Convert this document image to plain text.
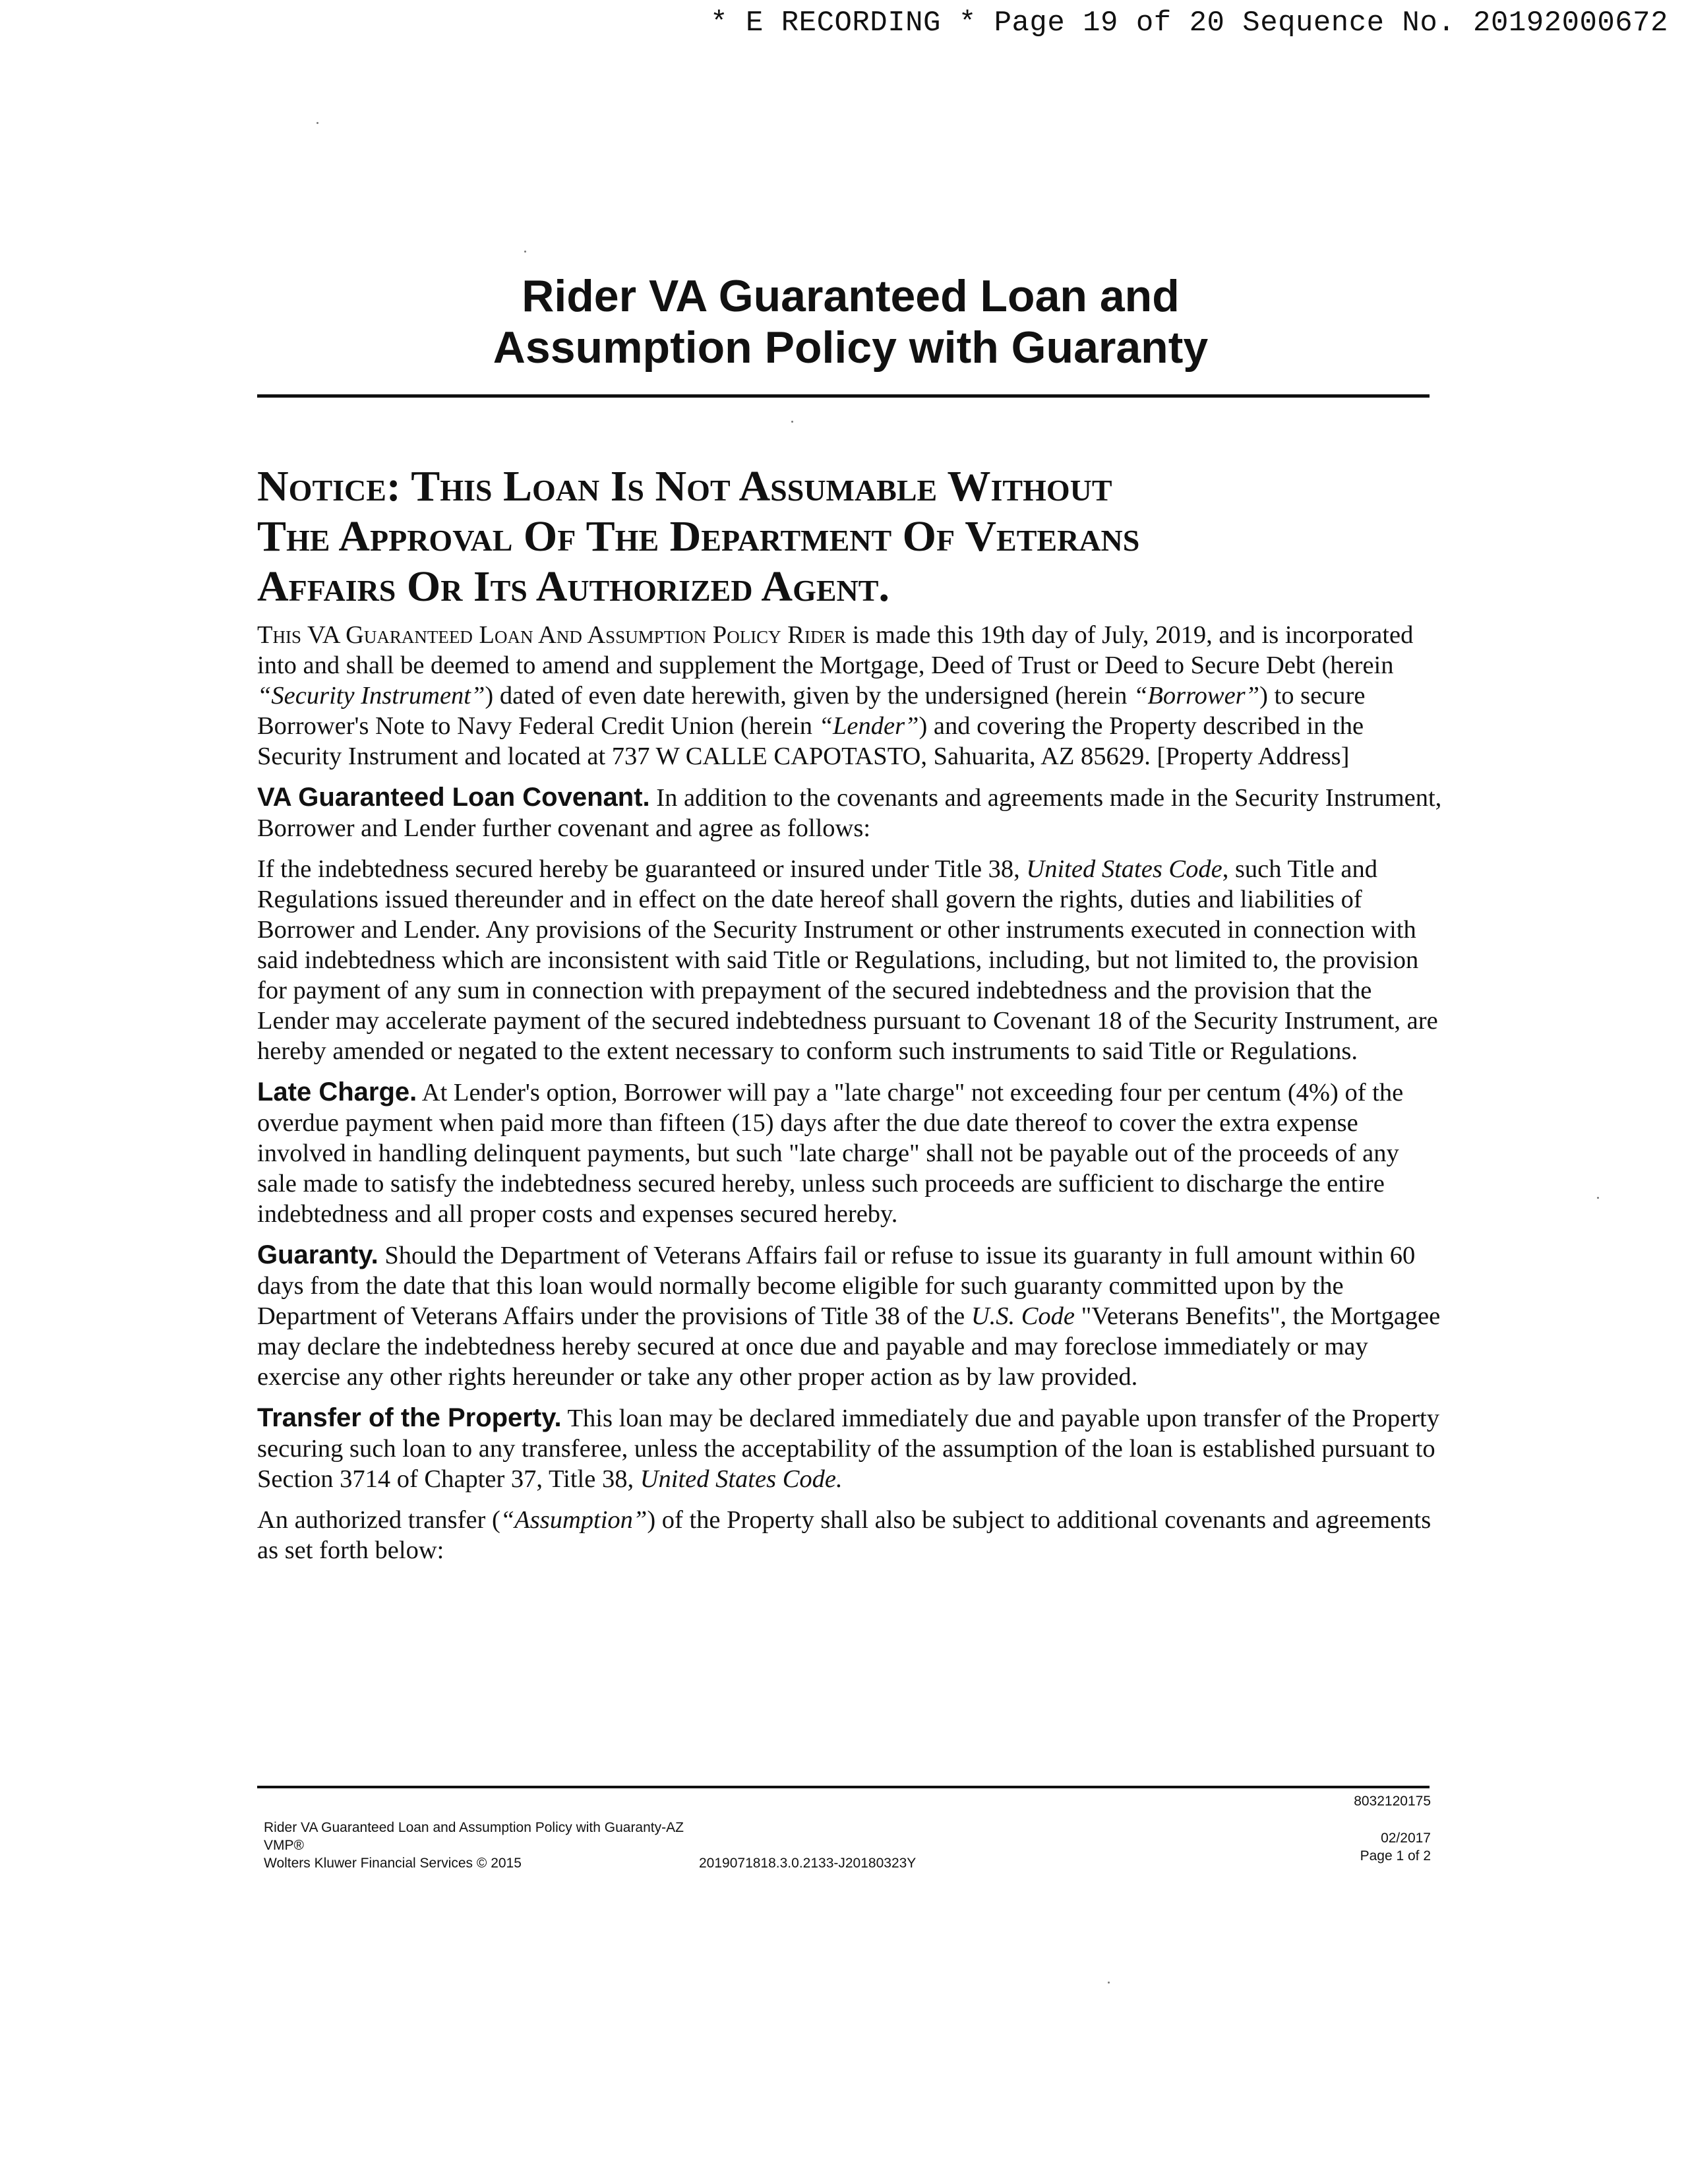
* E RECORDING * Page 19 of 20 Sequence No. 20192000672
Rider VA Guaranteed Loan and
Assumption Policy with Guaranty
Notice: This Loan Is Not Assumable Without
The Approval Of The Department Of Veterans
Affairs Or Its Authorized Agent.

This VA Guaranteed Loan And Assumption Policy Rider is made this 19th day of July, 2019, and is incorporated into and shall be deemed to amend and supplement the Mortgage, Deed of Trust or Deed to Secure Debt (herein “Security Instrument”) dated of even date herewith, given by the undersigned (herein “Borrower”) to secure Borrower's Note to Navy Federal Credit Union (herein “Lender”) and covering the Property described in the Security Instrument and located at 737 W CALLE CAPOTASTO, Sahuarita, AZ 85629. [Property Address]

VA Guaranteed Loan Covenant. In addition to the covenants and agreements made in the Security Instrument, Borrower and Lender further covenant and agree as follows:

If the indebtedness secured hereby be guaranteed or insured under Title 38, United States Code, such Title and Regulations issued thereunder and in effect on the date hereof shall govern the rights, duties and liabilities of Borrower and Lender. Any provisions of the Security Instrument or other instruments executed in connection with said indebtedness which are inconsistent with said Title or Regulations, including, but not limited to, the provision for payment of any sum in connection with prepayment of the secured indebtedness and the provision that the Lender may accelerate payment of the secured indebtedness pursuant to Covenant 18 of the Security Instrument, are hereby amended or negated to the extent necessary to conform such instruments to said Title or Regulations.

Late Charge. At Lender's option, Borrower will pay a "late charge" not exceeding four per centum (4%) of the overdue payment when paid more than fifteen (15) days after the due date thereof to cover the extra expense involved in handling delinquent payments, but such "late charge" shall not be payable out of the proceeds of any sale made to satisfy the indebtedness secured hereby, unless such proceeds are sufficient to discharge the entire indebtedness and all proper costs and expenses secured hereby.

Guaranty. Should the Department of Veterans Affairs fail or refuse to issue its guaranty in full amount within 60 days from the date that this loan would normally become eligible for such guaranty committed upon by the Department of Veterans Affairs under the provisions of Title 38 of the U.S. Code "Veterans Benefits", the Mortgagee may declare the indebtedness hereby secured at once due and payable and may foreclose immediately or may exercise any other rights hereunder or take any other proper action as by law provided.

Transfer of the Property. This loan may be declared immediately due and payable upon transfer of the Property securing such loan to any transferee, unless the acceptability of the assumption of the loan is established pursuant to Section 3714 of Chapter 37, Title 38, United States Code.

An authorized transfer (“Assumption”) of the Property shall also be subject to additional covenants and agreements as set forth below:

Rider VA Guaranteed Loan and Assumption Policy with Guaranty-AZ
VMP®
Wolters Kluwer Financial Services © 2015	2019071818.3.0.2133-J20180323Y
8032120175
02/2017
Page 1 of 2
